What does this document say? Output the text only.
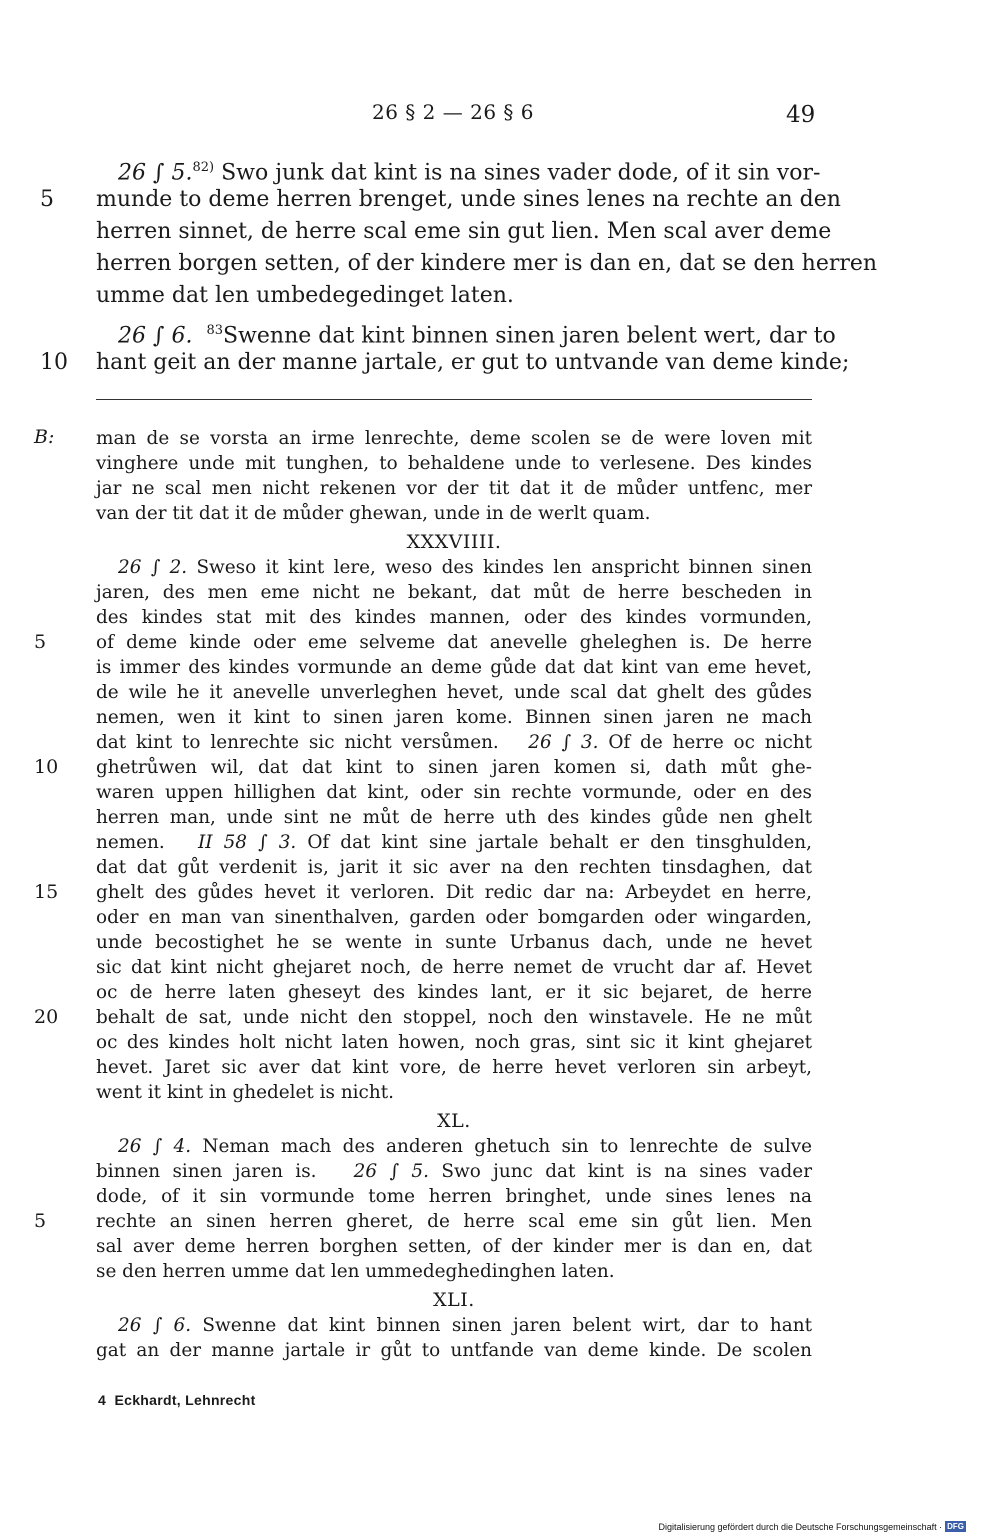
26 § 2 — 26 § 6	49
26 ∫ 5.$^{82)}$ Swo junk dat kint is na sines vader dode, of it sin vor-
5	munde to deme herren brenget, unde sines lenes na rechte an den
herren sinnet, de herre scal eme sin gut lien. Men scal aver deme
herren borgen setten, of der kindere mer is dan en, dat se den herren
umme dat len umbedegedinget laten.
26 ∫ 6. $^{83}$Swenne dat kint binnen sinen jaren belent wert, dar to
10 hant geit an der manne jartale, er gut to untvande van deme kinde;
B: man de se vorsta an irme lenrechte, deme scolen se de were loven mit
vinghere unde mit tunghen, to behaldene unde to verlesene. Des kindes
jar ne scal men nicht rekenen vor der tit dat it de můder untfenc, mer
van der tit dat it de můder ghewan, unde in de werlt quam.
XXXVIIII.
26 ∫ 2. Sweso it kint lere, weso des kindes len anspricht binnen sinen
jaren, des men eme nicht ne bekant, dat můt de herre bescheden in
des kindes stat mit des kindes mannen, oder des kindes vormunden,
5	of deme kinde oder eme selveme dat anevelle gheleghen is. De herre
is immer des kindes vormunde an deme gůde dat dat kint van eme hevet,
de wile he it anevelle unverleghen hevet, unde scal dat ghelt des gůdes
nemen, wen it kint to sinen jaren kome. Binnen sinen jaren ne mach
dat kint to lenrechte sic nicht versůmen. 26 ∫ 3. Of de herre oc nicht
10 ghetrůwen wil, dat dat kint to sinen jaren komen si, dath můt ghe-
waren uppen hillighen dat kint, oder sin rechte vormunde, oder en des
herren man, unde sint ne můt de herre uth des kindes gůde nen ghelt
nemen. II 58 ∫ 3. Of dat kint sine jartale behalt er den tinsghulden,
dat dat gůt verdenit is, jarit it sic aver na den rechten tinsdaghen, dat
15 ghelt des gůdes hevet it verloren. Dit redic dar na: Arbeydet en herre,
oder en man van sinenthalven, garden oder bomgarden oder wingarden,
unde becostighet he se wente in sunte Urbanus dach, unde ne hevet
sic dat kint nicht ghejaret noch, de herre nemet de vrucht dar af. Hevet
oc de herre laten gheseyt des kindes lant, er it sic bejaret, de herre
20 behalt de sat, unde nicht den stoppel, noch den winstavele. He ne můt
oc des kindes holt nicht laten howen, noch gras, sint sic it kint ghejaret
hevet. Jaret sic aver dat kint vore, de herre hevet verloren sin arbeyt,
went it kint in ghedelet is nicht.
XL.
26 ∫ 4. Neman mach des anderen ghetuch sin to lenrechte de sulve
binnen sinen jaren is. 26 ∫ 5. Swo junc dat kint is na sines vader
dode, of it sin vormunde tome herren bringhet, unde sines lenes na
5	rechte an sinen herren gheret, de herre scal eme sin gůt lien. Men
sal aver deme herren borghen setten, of der kinder mer is dan en, dat
se den herren umme dat len ummedeghedinghen laten.
XLI.
26 ∫ 6. Swenne dat kint binnen sinen jaren belent wirt, dar to hant
gat an der manne jartale ir gůt to untfande van deme kinde. De scolen
4  Eckhardt, Lehnrecht
Digitalisierung gefördert durch die Deutsche Forschungsgemeinschaft · DFG
